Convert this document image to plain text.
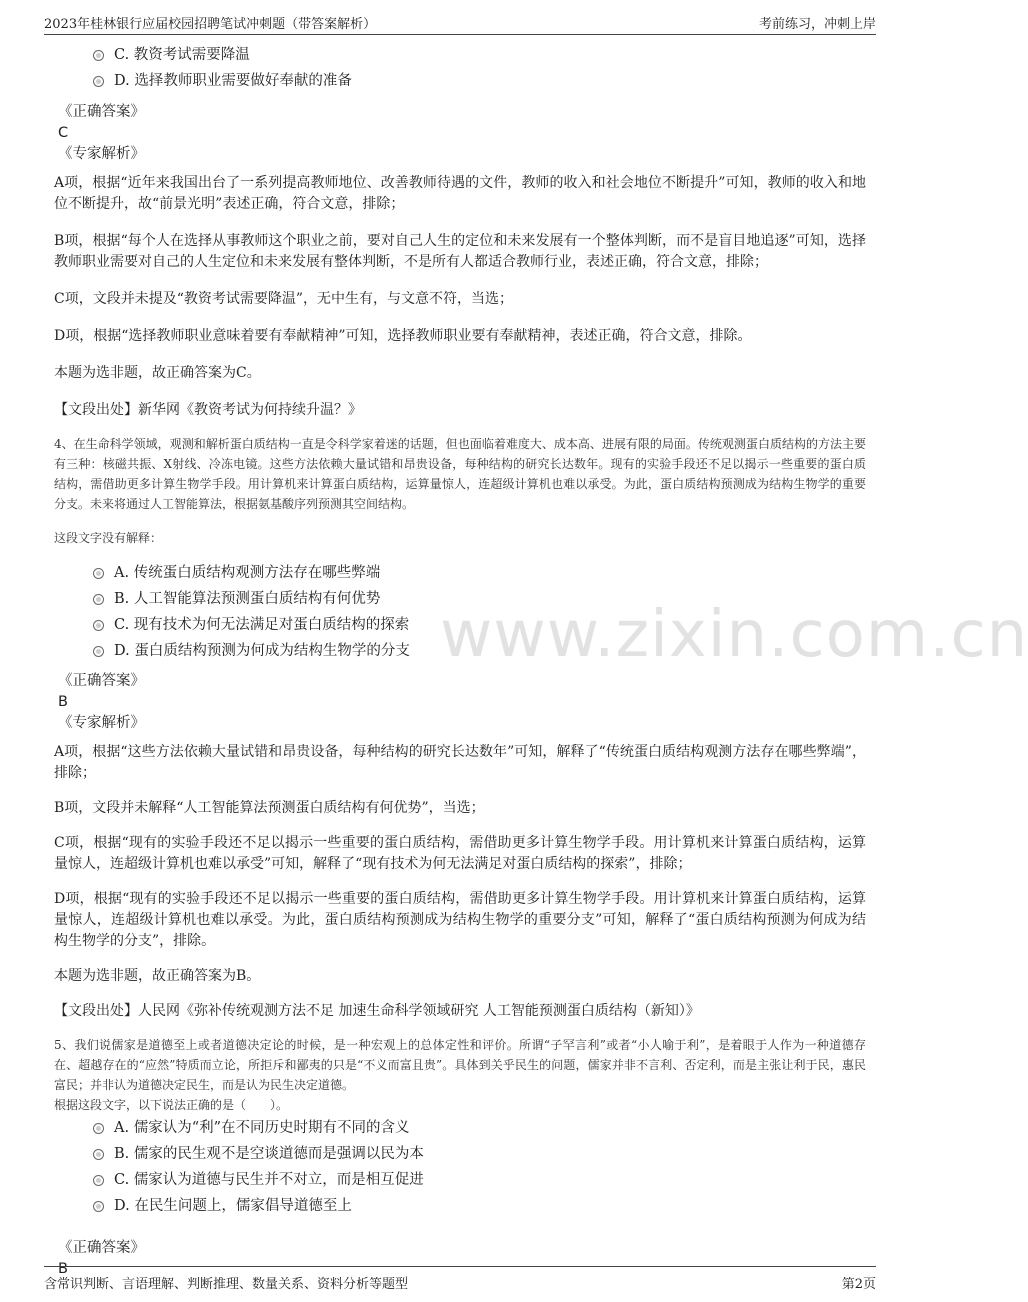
2023年桂林银行应届校园招聘笔试冲刺题（带答案解析）	考前练习，冲刺上岸
www.zixin.com.cn
C. 教资考试需要降温
D. 选择教师职业需要做好奉献的准备
《正确答案》
C
《专家解析》

A项，根据“近年来我国出台了一系列提高教师地位、改善教师待遇的文件，教师的收入和社会地位不断提升”可知，教师的收入和地位不断提升，故“前景光明”表述正确，符合文意，排除；

B项，根据“每个人在选择从事教师这个职业之前，要对自己人生的定位和未来发展有一个整体判断，而不是盲目地追逐”可知，选择教师职业需要对自己的人生定位和未来发展有整体判断，不是所有人都适合教师行业，表述正确，符合文意，排除；

C项，文段并未提及“教资考试需要降温”，无中生有，与文意不符，当选；

D项，根据“选择教师职业意味着要有奉献精神”可知，选择教师职业要有奉献精神，表述正确，符合文意，排除。

本题为选非题，故正确答案为C。

【文段出处】新华网《教资考试为何持续升温？》

4、在生命科学领域，观测和解析蛋白质结构一直是令科学家着迷的话题，但也面临着难度大、成本高、进展有限的局面。传统观测蛋白质结构的方法主要有三种：核磁共振、X射线、冷冻电镜。这些方法依赖大量试错和昂贵设备，每种结构的研究长达数年。现有的实验手段还不足以揭示一些重要的蛋白质结构，需借助更多计算生物学手段。用计算机来计算蛋白质结构，运算量惊人，连超级计算机也难以承受。为此，蛋白质结构预测成为结构生物学的重要分支。未来将通过人工智能算法，根据氨基酸序列预测其空间结构。

这段文字没有解释：

A. 传统蛋白质结构观测方法存在哪些弊端
B. 人工智能算法预测蛋白质结构有何优势
C. 现有技术为何无法满足对蛋白质结构的探索
D. 蛋白质结构预测为何成为结构生物学的分支
《正确答案》
B
《专家解析》

A项，根据“这些方法依赖大量试错和昂贵设备，每种结构的研究长达数年”可知，解释了“传统蛋白质结构观测方法存在哪些弊端”，排除；

B项，文段并未解释“人工智能算法预测蛋白质结构有何优势”，当选；

C项，根据“现有的实验手段还不足以揭示一些重要的蛋白质结构，需借助更多计算生物学手段。用计算机来计算蛋白质结构，运算量惊人，连超级计算机也难以承受”可知，解释了“现有技术为何无法满足对蛋白质结构的探索”，排除；

D项，根据“现有的实验手段还不足以揭示一些重要的蛋白质结构，需借助更多计算生物学手段。用计算机来计算蛋白质结构，运算量惊人，连超级计算机也难以承受。为此，蛋白质结构预测成为结构生物学的重要分支”可知，解释了“蛋白质结构预测为何成为结构生物学的分支”，排除。

本题为选非题，故正确答案为B。

【文段出处】人民网《弥补传统观测方法不足 加速生命科学领域研究 人工智能预测蛋白质结构（新知）》

5、我们说儒家是道德至上或者道德决定论的时候，是一种宏观上的总体定性和评价。所谓“子罕言利”或者“小人喻于利”，是着眼于人作为一种道德存在、超越存在的“应然”特质而立论，所拒斥和鄙夷的只是“不义而富且贵”。具体到关乎民生的问题，儒家并非不言利、否定利，而是主张让利于民，惠民富民；并非认为道德决定民生，而是认为民生决定道德。

根据这段文字，以下说法正确的是（　　）。

A. 儒家认为“利”在不同历史时期有不同的含义
B. 儒家的民生观不是空谈道德而是强调以民为本
C. 儒家认为道德与民生并不对立，而是相互促进
D. 在民生问题上，儒家倡导道德至上
《正确答案》
B
含常识判断、言语理解、判断推理、数量关系、资料分析等题型	第2页
